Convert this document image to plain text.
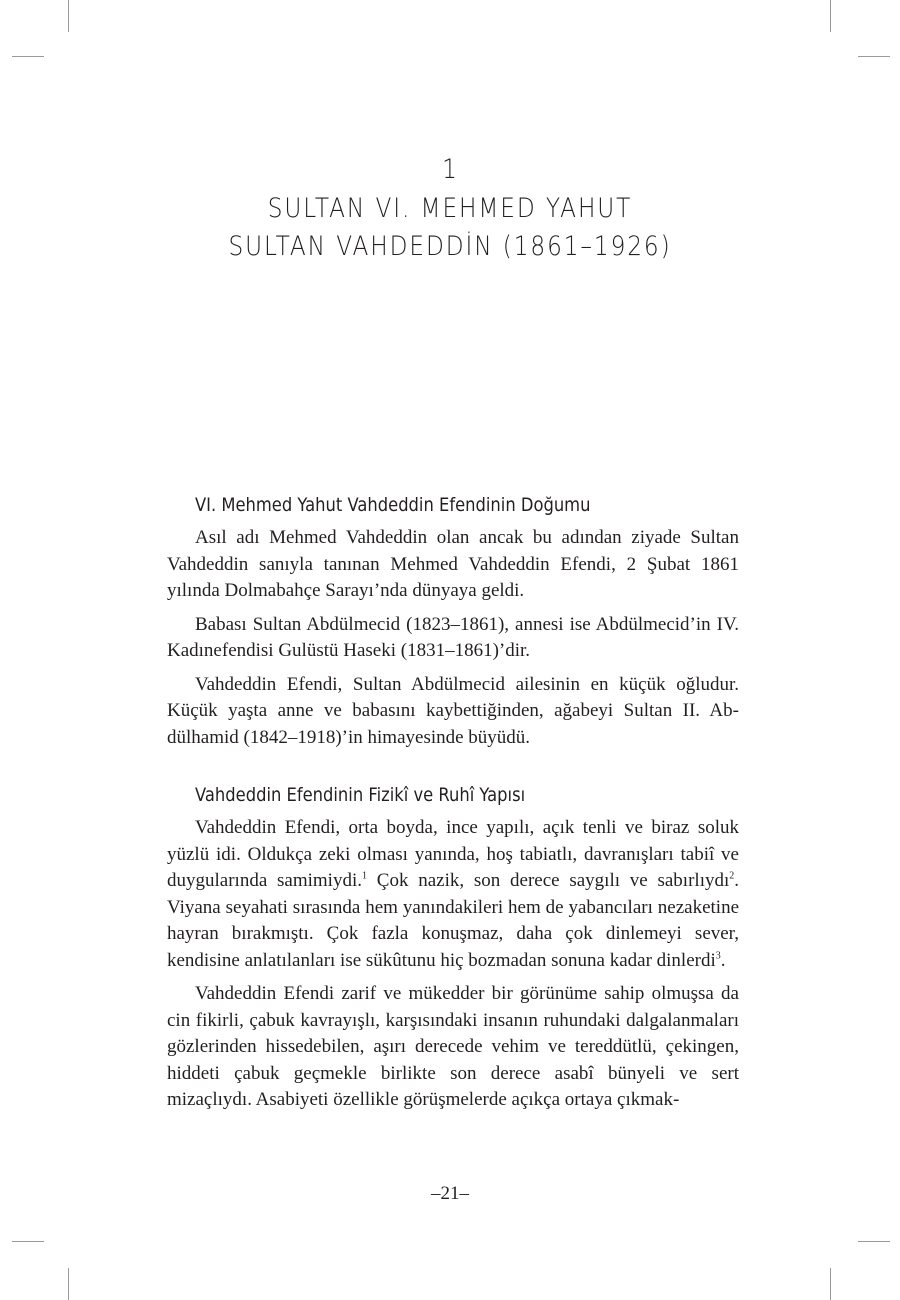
1
SULTAN VI. MEHMED YAHUT
SULTAN VAHDEDDİN (1861–1926)
VI. Mehmed Yahut Vahdeddin Efendinin Doğumu

Asıl adı Mehmed Vahdeddin olan ancak bu adından ziyade Sultan Vahdeddin sanıyla tanınan Mehmed Vahdeddin Efendi, 2 Şubat 1861 yılında Dolmabahçe Sarayı’nda dünyaya geldi.

Babası Sultan Abdülmecid (1823–1861), annesi ise Abdülmecid’in IV. Kadınefendisi Gulüstü Haseki (1831–1861)’dir.

Vahdeddin Efendi, Sultan Abdülmecid ailesinin en küçük oğludur. Küçük yaşta anne ve babasını kaybettiğinden, ağabeyi Sultan II. Abdülhamid (1842–1918)’in himayesinde büyüdü.

Vahdeddin Efendinin Fizikî ve Ruhî Yapısı

Vahdeddin Efendi, orta boyda, ince yapılı, açık tenli ve biraz soluk yüzlü idi. Oldukça zeki olması yanında, hoş tabiatlı, davranışları tabiî ve duygularında samimiydi.$^1$ Çok nazik, son derece saygılı ve sabırlıydı$^2$. Viyana seyahati sırasında hem yanındakileri hem de yabancıları nezaketine hayran bırakmıştı. Çok fazla konuşmaz, daha çok dinlemeyi sever, kendisine anlatılanları ise sükûtunu hiç bozmadan sonuna kadar dinlerdi$^3$.

Vahdeddin Efendi zarif ve mükedder bir görünüme sahip olmuşsa da cin fikirli, çabuk kavrayışlı, karşısındaki insanın ruhundaki dalgalanmaları gözlerinden hissedebilen, aşırı derecede vehim ve tereddütlü, çekingen, hiddeti çabuk geçmekle birlikte son derece asabî bünyeli ve sert mizaçlıydı. Asabiyeti özellikle görüşmelerde açıkça ortaya çıkmak-

–21–
